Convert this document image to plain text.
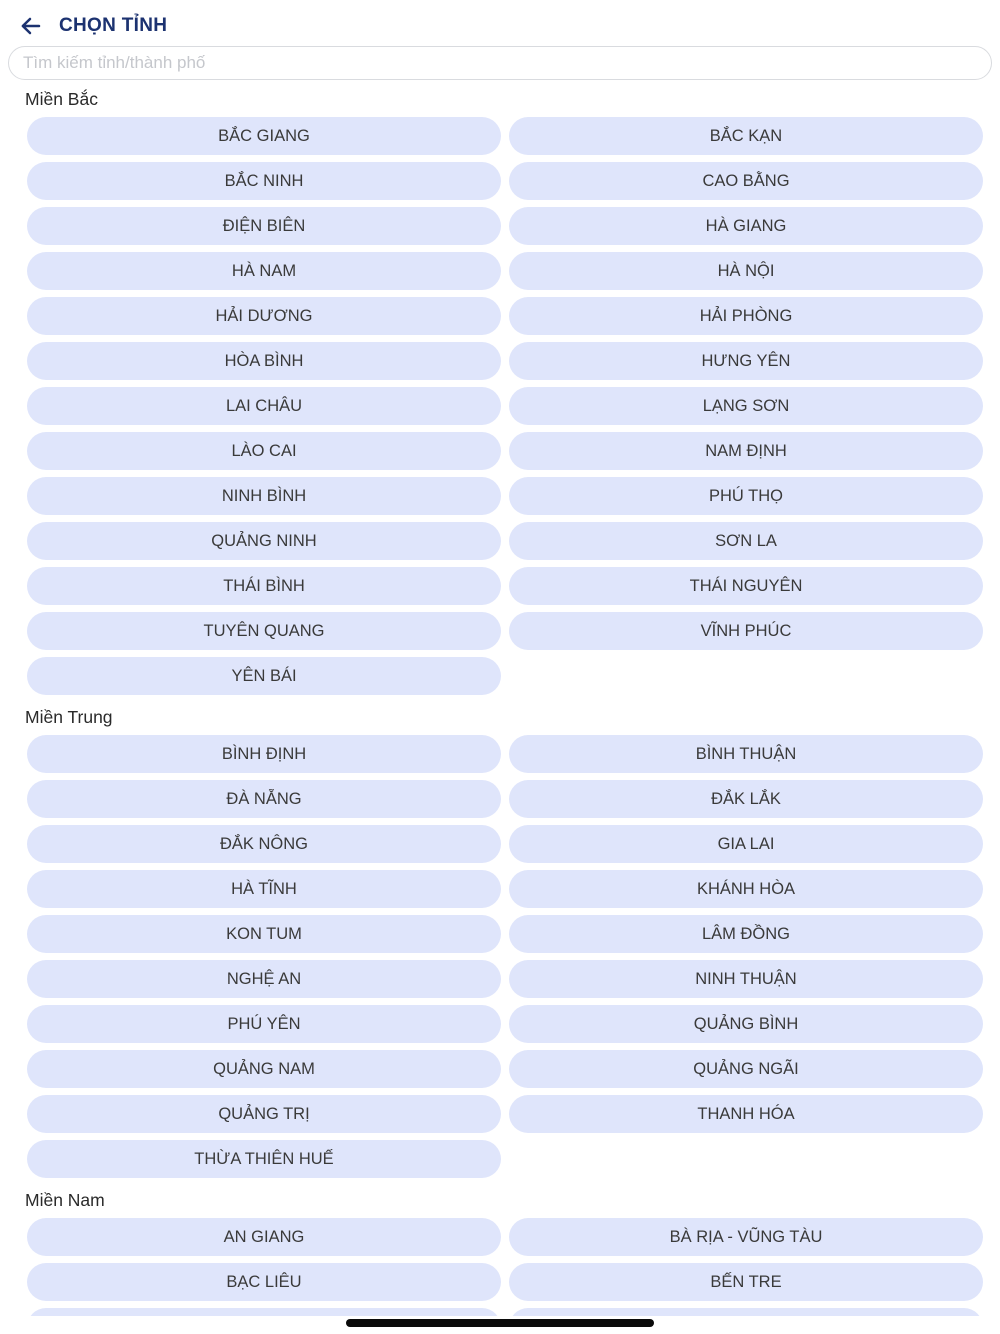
CHỌN TỈNH
Tìm kiếm tỉnh/thành phố
Miền Bắc
BẮC GIANG	BẮC KẠN
BẮC NINH	CAO BẰNG
ĐIỆN BIÊN	HÀ GIANG
HÀ NAM	HÀ NỘI
HẢI DƯƠNG	HẢI PHÒNG
HÒA BÌNH	HƯNG YÊN
LAI CHÂU	LẠNG SƠN
LÀO CAI	NAM ĐỊNH
NINH BÌNH	PHÚ THỌ
QUẢNG NINH	SƠN LA
THÁI BÌNH	THÁI NGUYÊN
TUYÊN QUANG	VĨNH PHÚC
YÊN BÁI
Miền Trung
BÌNH ĐỊNH	BÌNH THUẬN
ĐÀ NẴNG	ĐẮK LẮK
ĐẮK NÔNG	GIA LAI
HÀ TĨNH	KHÁNH HÒA
KON TUM	LÂM ĐỒNG
NGHỆ AN	NINH THUẬN
PHÚ YÊN	QUẢNG BÌNH
QUẢNG NAM	QUẢNG NGÃI
QUẢNG TRỊ	THANH HÓA
THỪA THIÊN HUẾ
Miền Nam
AN GIANG	BÀ RỊA - VŨNG TÀU
BẠC LIÊU	BẾN TRE
